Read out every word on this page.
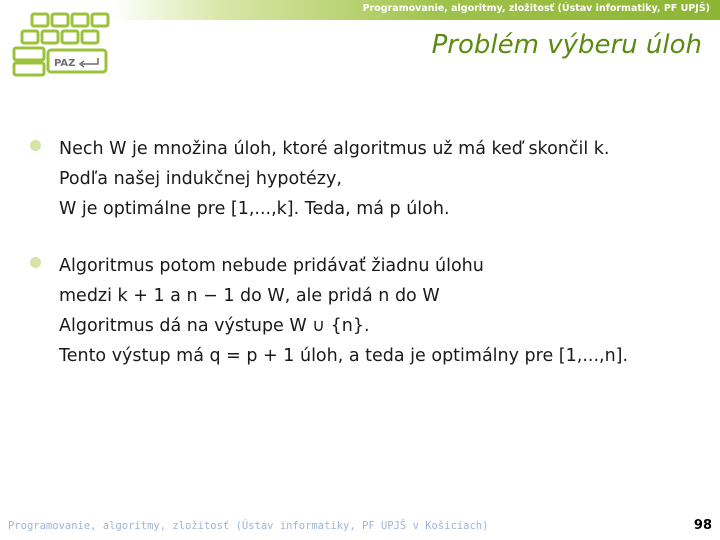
Programovanie, algoritmy, zložitosť (Ústav informatiky, PF UPJŠ)
PAZ
Problém výberu úloh
Nech W je množina úloh, ktoré algoritmus už má keď skončil k.
Podľa našej indukčnej hypotézy,
W je optimálne pre [1,...,k]. Teda, má p úloh.
Algoritmus potom nebude pridávať žiadnu úlohu
medzi k + 1 a n − 1 do W, ale pridá n do W
Algoritmus dá na výstupe W ∪ {n}.
Tento výstup má q = p + 1 úloh, a teda je optimálny pre [1,...,n].
Programovanie, algoritmy, zložitosť (Ústav informatiky, PF UPJŠ v Košiciach)	98
